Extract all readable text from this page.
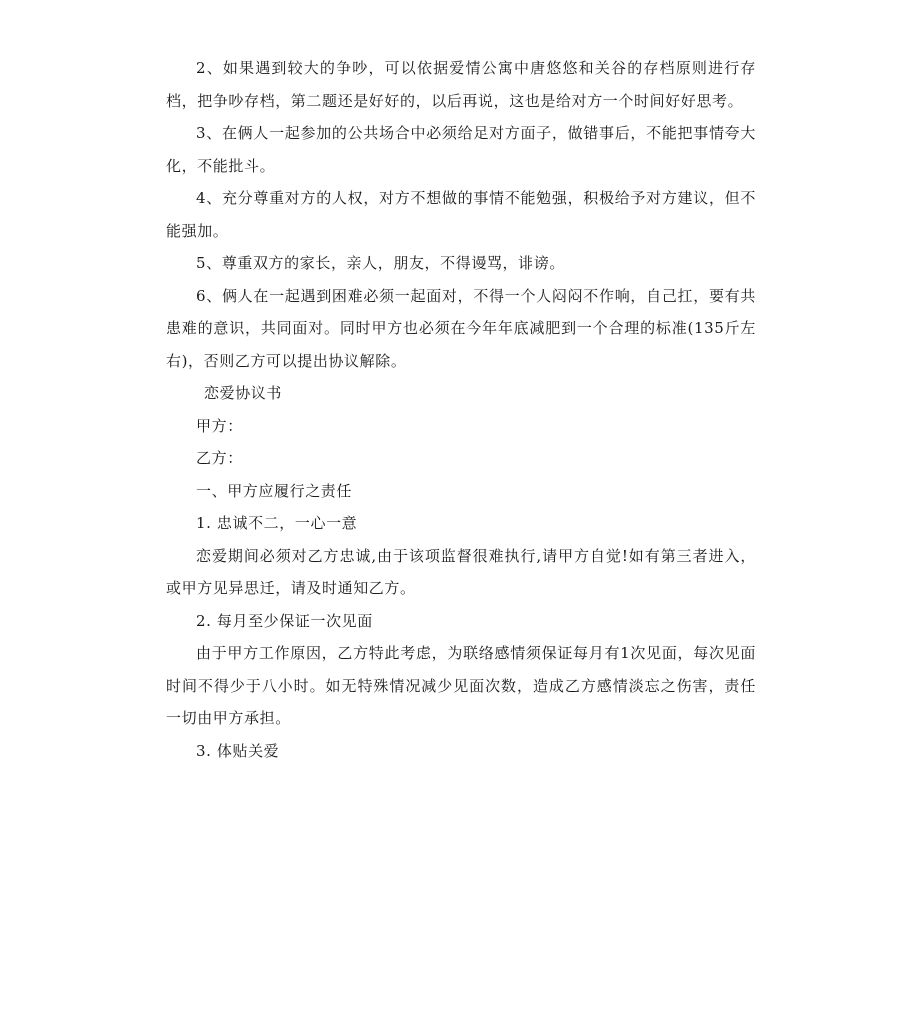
2、如果遇到较大的争吵，可以依据爱情公寓中唐悠悠和关谷的存档原则进行存档，把争吵存档，第二题还是好好的，以后再说，这也是给对方一个时间好好思考。

3、在俩人一起参加的公共场合中必须给足对方面子，做错事后，不能把事情夸大化，不能批斗。

4、充分尊重对方的人权，对方不想做的事情不能勉强，积极给予对方建议，但不能强加。

5、尊重双方的家长，亲人，朋友，不得谩骂，诽谤。

6、俩人在一起遇到困难必须一起面对，不得一个人闷闷不作响，自己扛，要有共患难的意识，共同面对。同时甲方也必须在今年年底减肥到一个合理的标准(135斤左右)，否则乙方可以提出协议解除。

恋爱协议书

甲方：

乙方：

一、甲方应履行之责任

1. 忠诚不二，一心一意

恋爱期间必须对乙方忠诚,由于该项监督很难执行,请甲方自觉!如有第三者进入，或甲方见异思迁，请及时通知乙方。

2. 每月至少保证一次见面

由于甲方工作原因，乙方特此考虑，为联络感情须保证每月有1次见面，每次见面时间不得少于八小时。如无特殊情况减少见面次数，造成乙方感情淡忘之伤害，责任一切由甲方承担。

3. 体贴关爱
